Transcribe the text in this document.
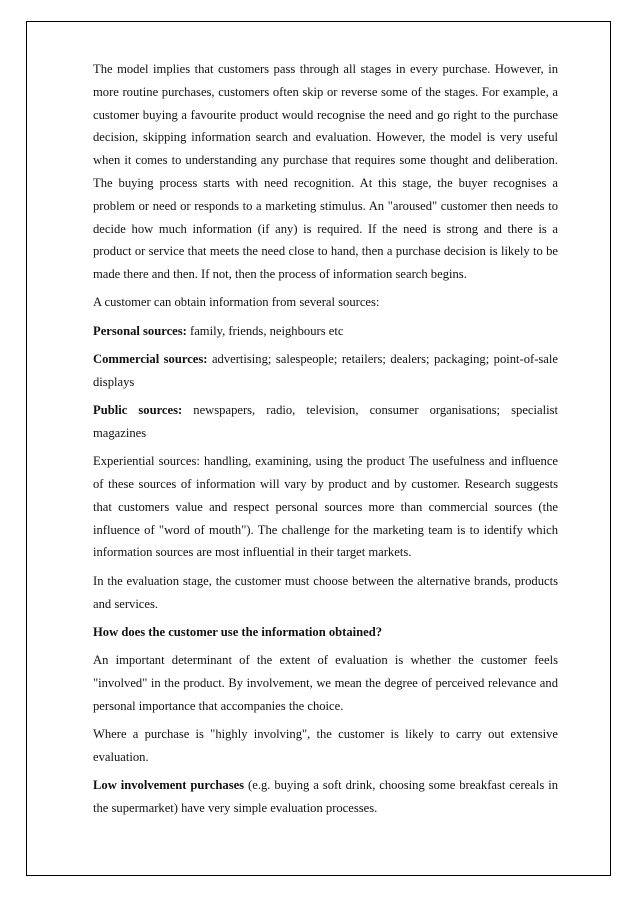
The model implies that customers pass through all stages in every purchase. However, in more routine purchases, customers often skip or reverse some of the stages. For example, a customer buying a favourite product would recognise the need and go right to the purchase decision, skipping information search and evaluation. However, the model is very useful when it comes to understanding any purchase that requires some thought and deliberation. The buying process starts with need recognition. At this stage, the buyer recognises a problem or need or responds to a marketing stimulus. An "aroused" customer then needs to decide how much information (if any) is required. If the need is strong and there is a product or service that meets the need close to hand, then a purchase decision is likely to be made there and then. If not, then the process of information search begins.

A customer can obtain information from several sources:

Personal sources: family, friends, neighbours etc

Commercial sources: advertising; salespeople; retailers; dealers; packaging; point-of-sale displays

Public sources: newspapers, radio, television, consumer organisations; specialist magazines

Experiential sources: handling, examining, using the product The usefulness and influence of these sources of information will vary by product and by customer. Research suggests that customers value and respect personal sources more than commercial sources (the influence of "word of mouth"). The challenge for the marketing team is to identify which information sources are most influential in their target markets.

In the evaluation stage, the customer must choose between the alternative brands, products and services.

How does the customer use the information obtained?

An important determinant of the extent of evaluation is whether the customer feels "involved" in the product. By involvement, we mean the degree of perceived relevance and personal importance that accompanies the choice.

Where a purchase is "highly involving", the customer is likely to carry out extensive evaluation.

Low involvement purchases (e.g. buying a soft drink, choosing some breakfast cereals in the supermarket) have very simple evaluation processes.
